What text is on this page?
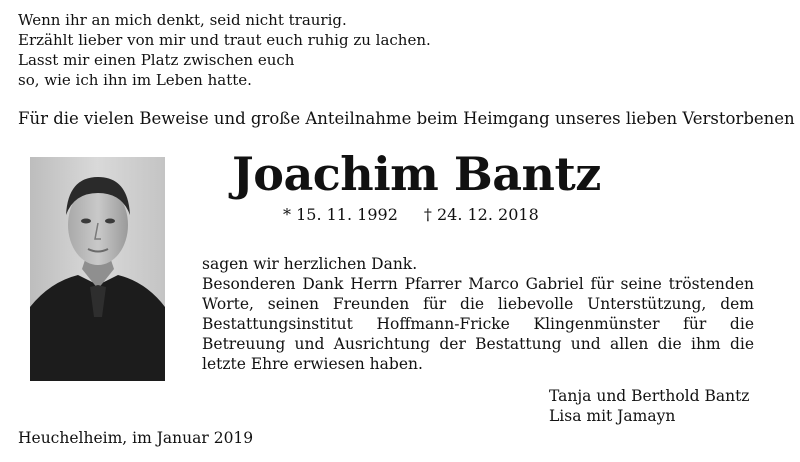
Wenn ihr an mich denkt, seid nicht traurig.
Erzählt lieber von mir und traut euch ruhig zu lachen.
Lasst mir einen Platz zwischen euch
so, wie ich ihn im Leben hatte.
Für die vielen Beweise und große Anteilnahme beim Heimgang unseres lieben Verstorbenen
Joachim Bantz
* 15. 11. 1992 † 24. 12. 2018
sagen wir herzlichen Dank.
Besonderen Dank Herrn Pfarrer Marco Gabriel für seine tröstenden
Worte, seinen Freunden für die liebevolle Unterstützung, dem
Bestattungsinstitut Hoffmann-Fricke Klingenmünster für die
Betreuung und Ausrichtung der Bestattung und allen die ihm die
letzte Ehre erwiesen haben.
Tanja und Berthold Bantz
Lisa mit Jamayn
Heuchelheim, im Januar 2019
